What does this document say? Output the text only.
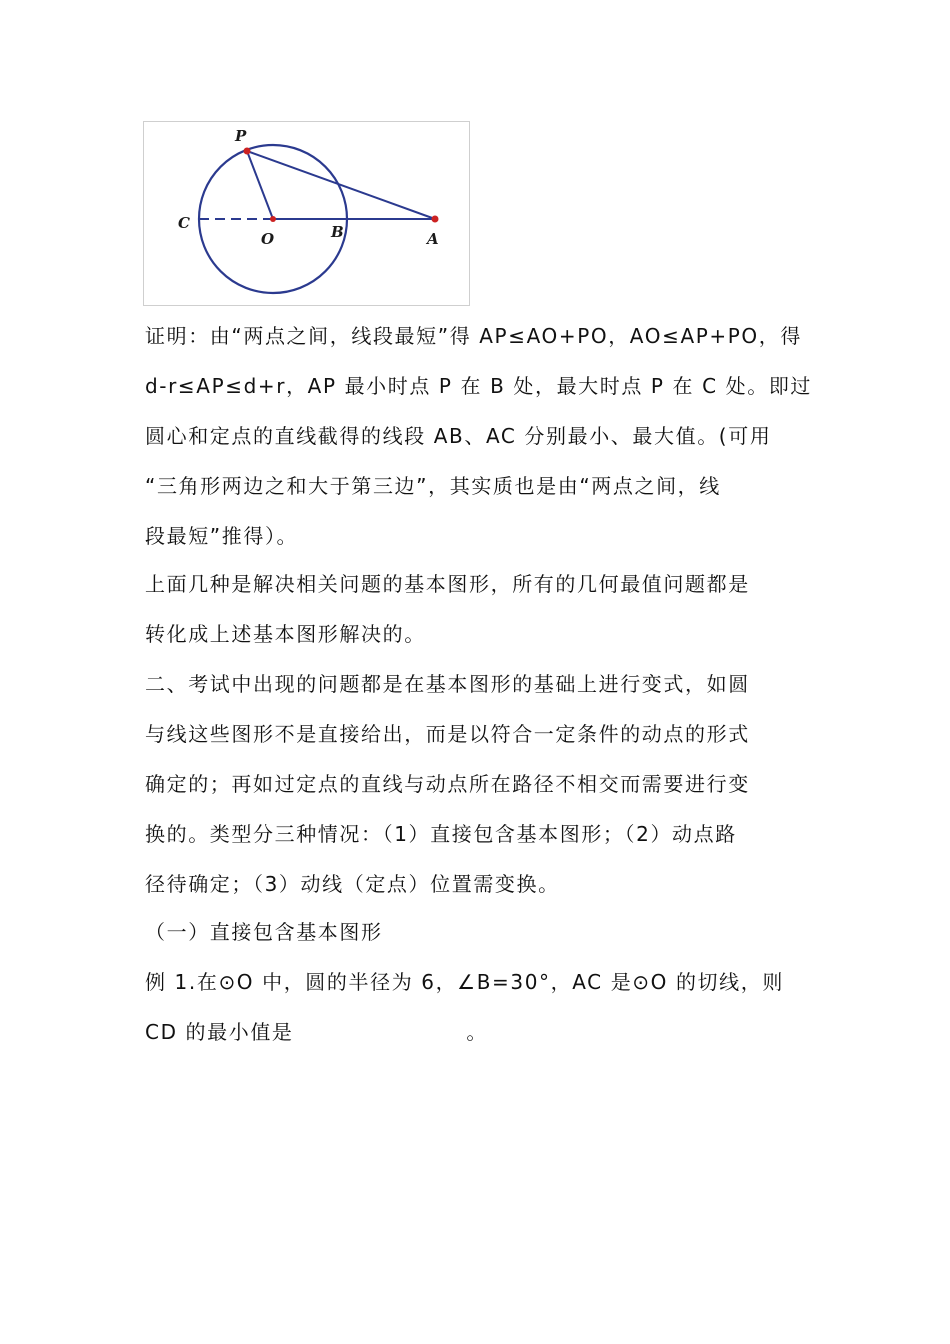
P
C
O	B	A
证明：由“两点之间，线段最短”得 AP≤AO+PO，AO≤AP+PO，得
d-r≤AP≤d+r，AP 最小时点 P 在 B 处，最大时点 P 在 C 处。即过
圆心和定点的直线截得的线段 AB、AC 分别最小、最大值。(可用
“三角形两边之和大于第三边”，其实质也是由“两点之间，线
段最短”推得）。
上面几种是解决相关问题的基本图形，所有的几何最值问题都是
转化成上述基本图形解决的。
二、考试中出现的问题都是在基本图形的基础上进行变式，如圆
与线这些图形不是直接给出，而是以符合一定条件的动点的形式
确定的；再如过定点的直线与动点所在路径不相交而需要进行变
换的。类型分三种情况：（1）直接包含基本图形；（2）动点路
径待确定；（3）动线（定点）位置需变换。
（一）直接包含基本图形
例 1.在⊙O 中，圆的半径为 6，∠B=30°，AC 是⊙O 的切线，则
CD 的最小值是　　　　　　　　。
